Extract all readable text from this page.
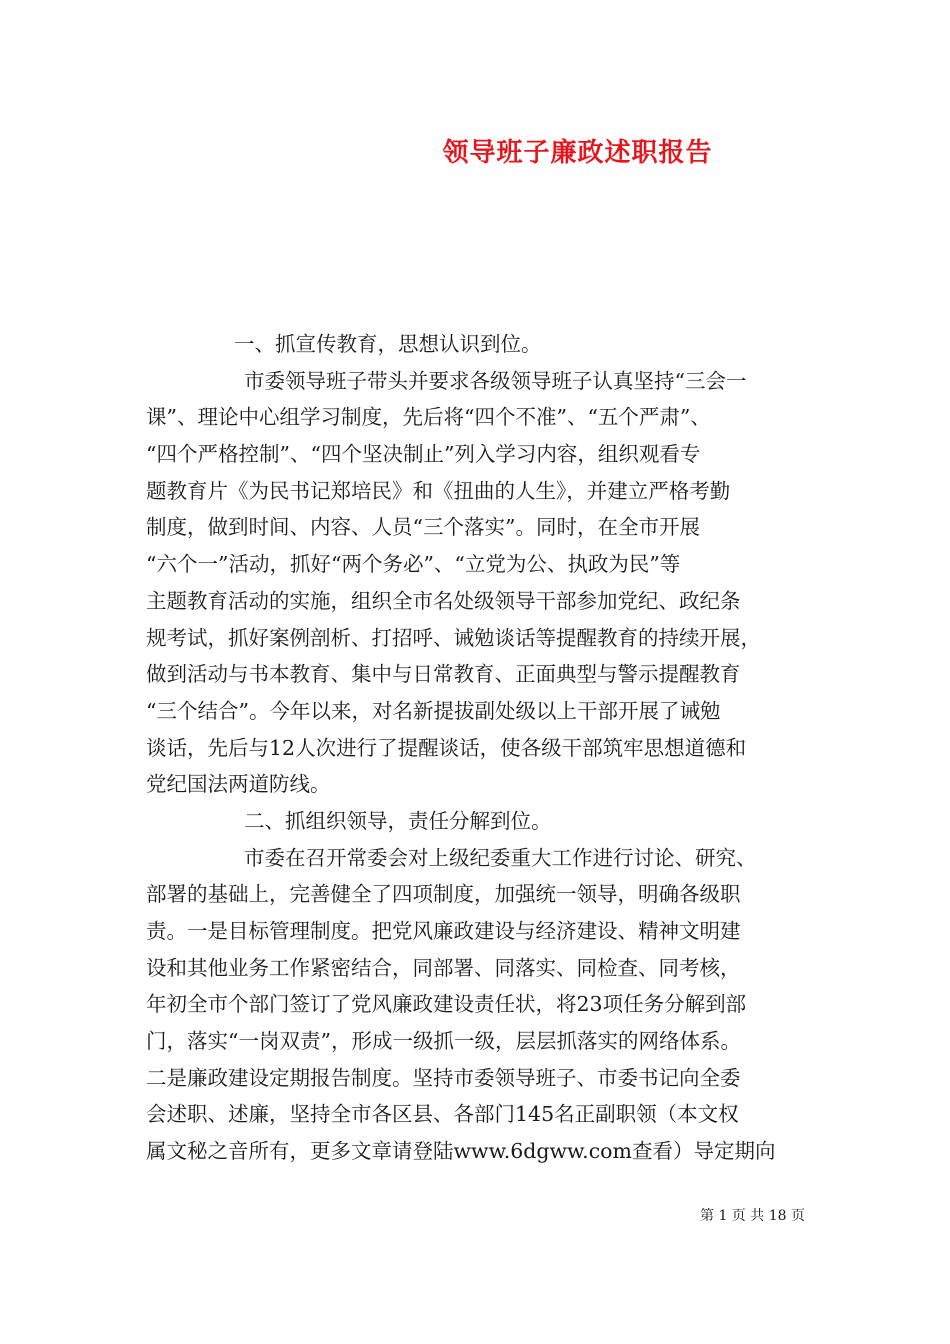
领导班子廉政述职报告
一、抓宣传教育，思想认识到位。
市委领导班子带头并要求各级领导班子认真坚持“三会一
课”、理论中心组学习制度，先后将“四个不准”、“五个严肃”、
“四个严格控制”、“四个坚决制止”列入学习内容，组织观看专
题教育片《为民书记郑培民》和《扭曲的人生》，并建立严格考勤
制度，做到时间、内容、人员“三个落实”。同时，在全市开展
“六个一”活动，抓好“两个务必”、“立党为公、执政为民”等
主题教育活动的实施，组织全市名处级领导干部参加党纪、政纪条
规考试，抓好案例剖析、打招呼、诫勉谈话等提醒教育的持续开展，
做到活动与书本教育、集中与日常教育、正面典型与警示提醒教育
“三个结合”。今年以来，对名新提拔副处级以上干部开展了诫勉
谈话，先后与12人次进行了提醒谈话，使各级干部筑牢思想道德和
党纪国法两道防线。
二、抓组织领导，责任分解到位。
市委在召开常委会对上级纪委重大工作进行讨论、研究、
部署的基础上，完善健全了四项制度，加强统一领导，明确各级职
责。一是目标管理制度。把党风廉政建设与经济建设、精神文明建
设和其他业务工作紧密结合，同部署、同落实、同检查、同考核，
年初全市个部门签订了党风廉政建设责任状，将23项任务分解到部
门，落实“一岗双责”，形成一级抓一级，层层抓落实的网络体系。
二是廉政建设定期报告制度。坚持市委领导班子、市委书记向全委
会述职、述廉，坚持全市各区县、各部门145名正副职领（本文权
属文秘之音所有，更多文章请登陆www.6dgww.com查看）导定期向
第 1 页 共 18 页
